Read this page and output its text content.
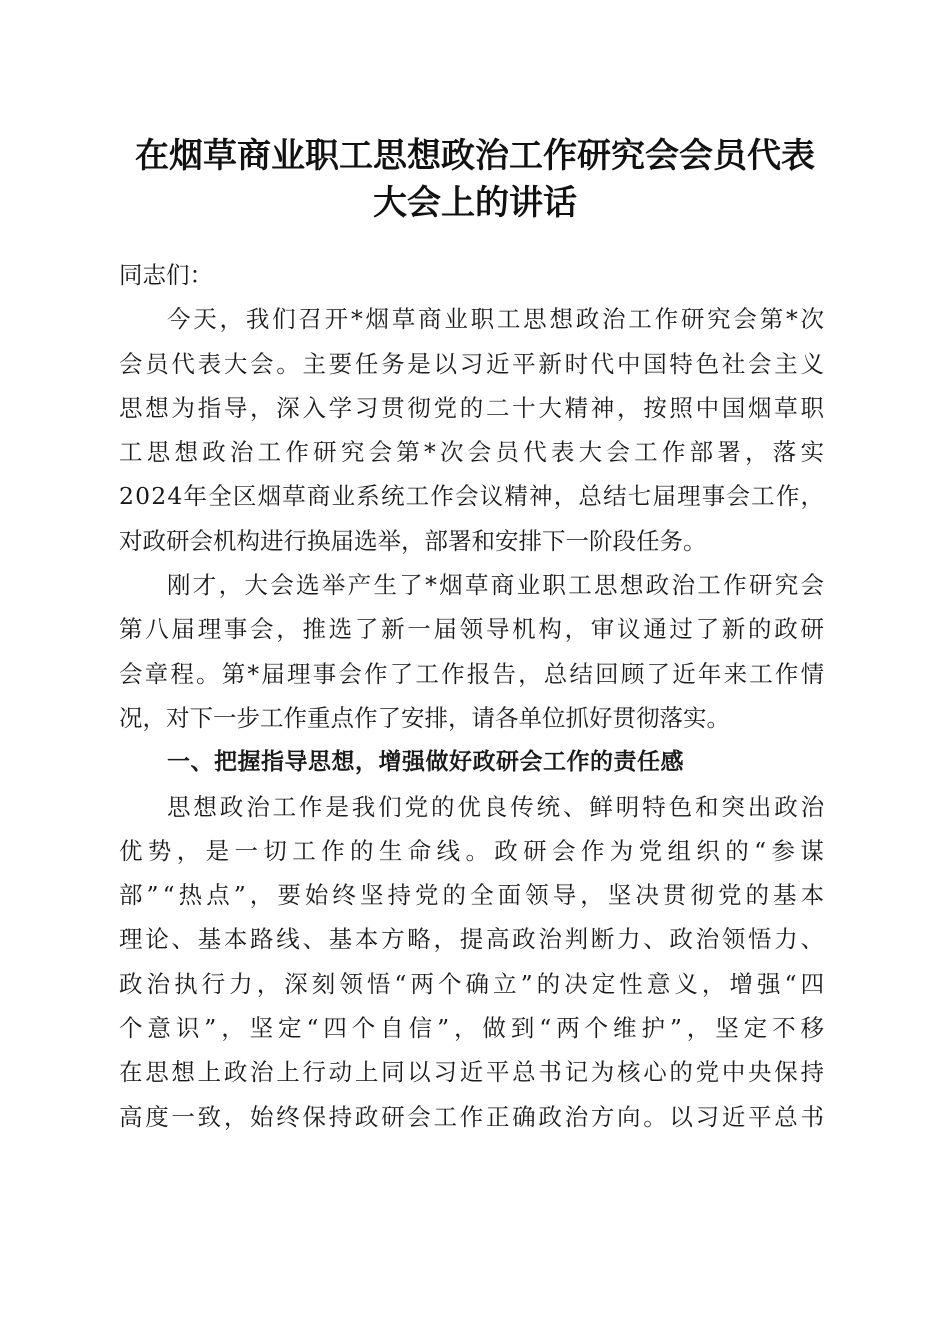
在烟草商业职工思想政治工作研究会会员代表
大会上的讲话
同志们：
今天，我们召开*烟草商业职工思想政治工作研究会第*次
会员代表大会。主要任务是以习近平新时代中国特色社会主义
思想为指导，深入学习贯彻党的二十大精神，按照中国烟草职
工思想政治工作研究会第*次会员代表大会工作部署，落实
2024年全区烟草商业系统工作会议精神，总结七届理事会工作，
对政研会机构进行换届选举，部署和安排下一阶段任务。
刚才，大会选举产生了*烟草商业职工思想政治工作研究会
第八届理事会，推选了新一届领导机构，审议通过了新的政研
会章程。第*届理事会作了工作报告，总结回顾了近年来工作情
况，对下一步工作重点作了安排，请各单位抓好贯彻落实。
一、把握指导思想，增强做好政研会工作的责任感
思想政治工作是我们党的优良传统、鲜明特色和突出政治
优势，是一切工作的生命线。政研会作为党组织的“参谋
部”“热点”，要始终坚持党的全面领导，坚决贯彻党的基本
理论、基本路线、基本方略，提高政治判断力、政治领悟力、
政治执行力，深刻领悟“两个确立”的决定性意义，增强“四
个意识”，坚定“四个自信”，做到“两个维护”，坚定不移
在思想上政治上行动上同以习近平总书记为核心的党中央保持
高度一致，始终保持政研会工作正确政治方向。以习近平总书
